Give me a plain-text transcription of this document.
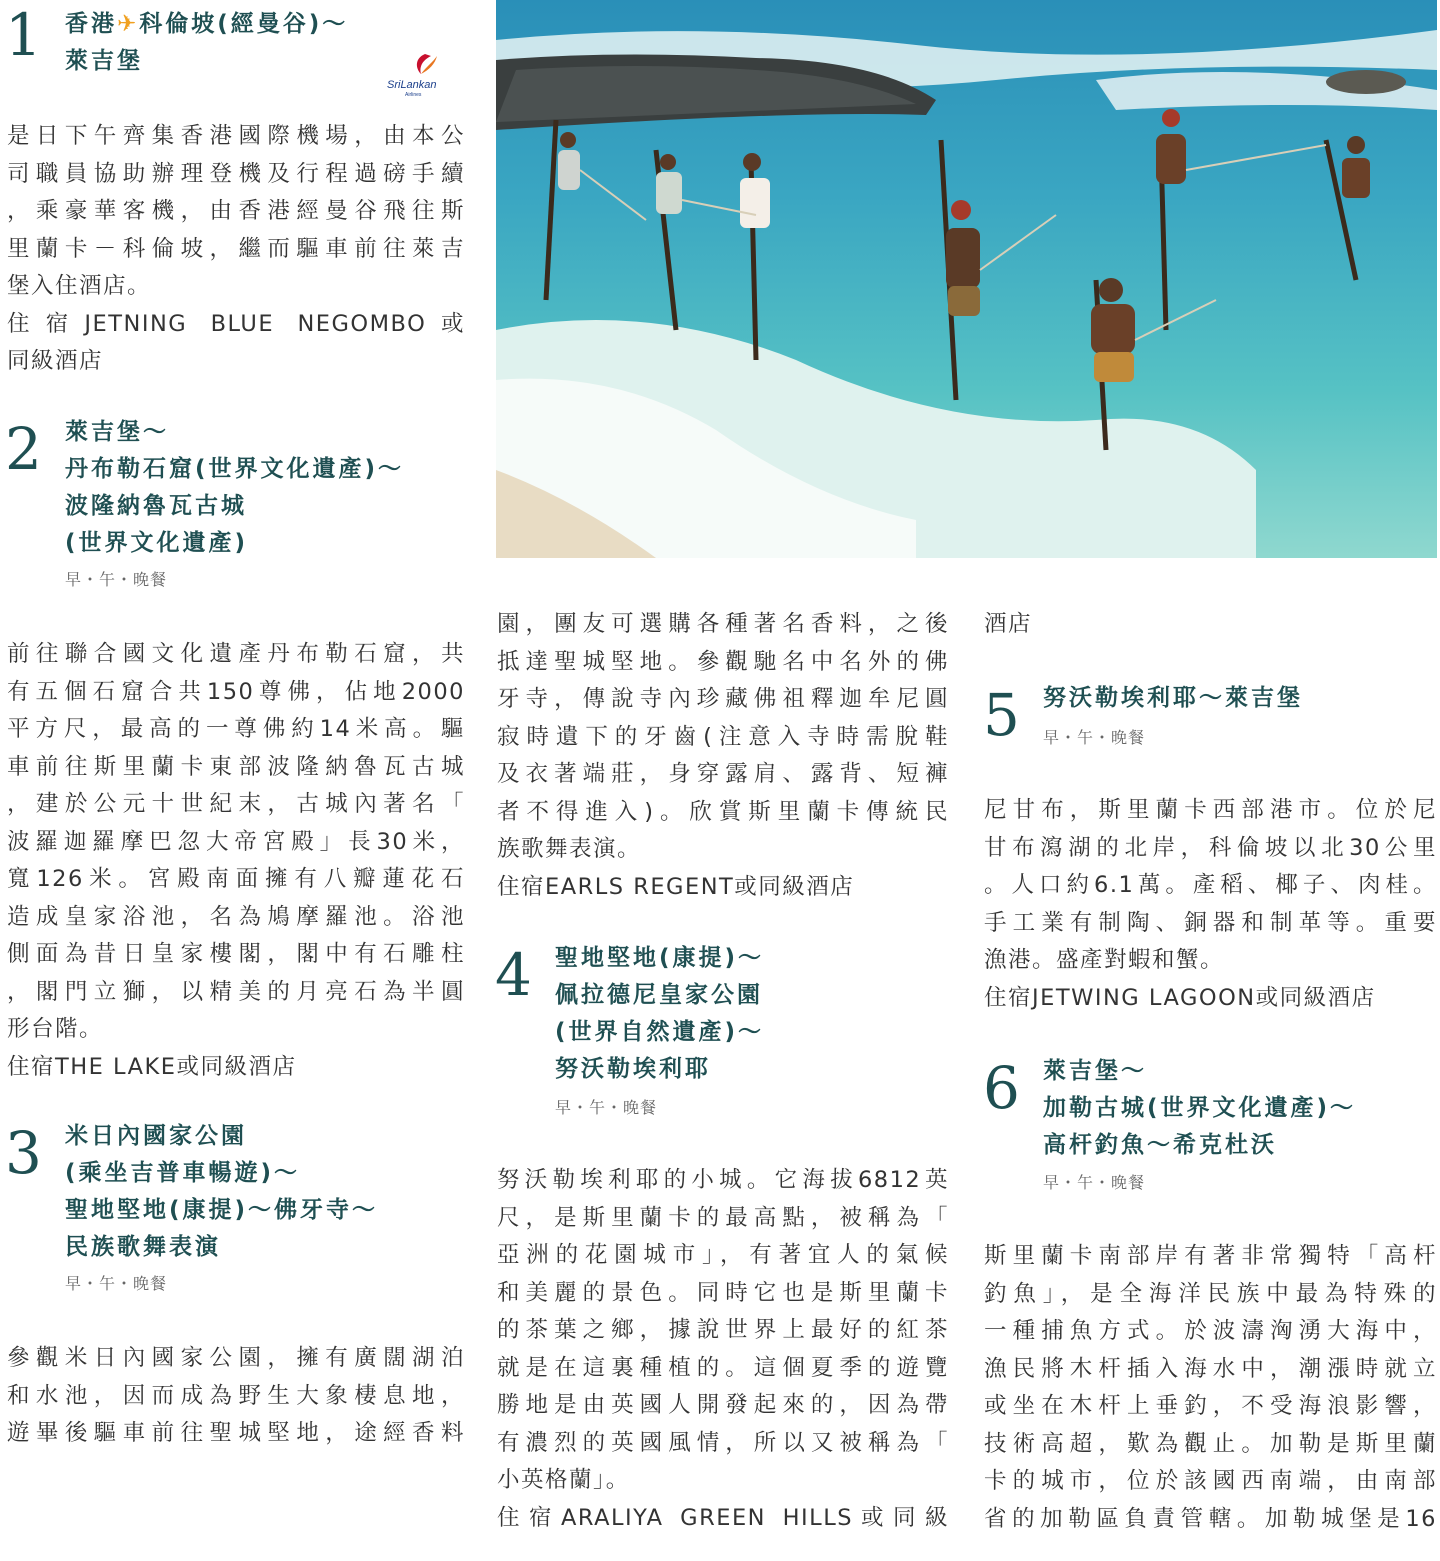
1 香港✈科倫坡(經曼谷)～
萊吉堡
SriLankan
Airlines
是日下午齊集香港國際機場，由本公
司職員協助辦理登機及行程過磅手續
，乘豪華客機，由香港經曼谷飛往斯
里蘭卡－科倫坡，繼而驅車前往萊吉
堡入住酒店。
住宿JETNING BLUE NEGOMBO或
同級酒店
2 萊吉堡～
丹布勒石窟(世界文化遺產)～
波隆納魯瓦古城
(世界文化遺產)
早・午・晚餐
前往聯合國文化遺產丹布勒石窟，共
有五個石窟合共150尊佛，佔地2000
平方尺，最高的一尊佛約14米高。驅
車前往斯里蘭卡東部波隆納魯瓦古城
，建於公元十世紀末，古城內著名「
波羅迦羅摩巴忽大帝宮殿」長30米，
寬126米。宮殿南面擁有八瓣蓮花石
造成皇家浴池，名為鳩摩羅池。浴池
側面為昔日皇家樓閣，閣中有石雕柱
，閣門立獅，以精美的月亮石為半圓
形台階。
住宿THE LAKE或同級酒店
3 米日內國家公園
(乘坐吉普車暢遊)～
聖地堅地(康提)～佛牙寺～
民族歌舞表演
早・午・晚餐
參觀米日內國家公園，擁有廣闊湖泊
和水池，因而成為野生大象棲息地，
遊畢後驅車前往聖城堅地，途經香料
園，團友可選購各種著名香料，之後
抵達聖城堅地。參觀馳名中名外的佛
牙寺，傳說寺內珍藏佛祖釋迦牟尼圓
寂時遺下的牙齒(注意入寺時需脫鞋
及衣著端莊，身穿露肩、露背、短褲
者不得進入)。欣賞斯里蘭卡傳統民
族歌舞表演。
住宿EARLS REGENT或同級酒店
4 聖地堅地(康提)～
佩拉德尼皇家公園
(世界自然遺產)～
努沃勒埃利耶
早・午・晚餐
努沃勒埃利耶的小城。它海拔6812英
尺，是斯里蘭卡的最高點，被稱為「
亞洲的花園城市」，有著宜人的氣候
和美麗的景色。同時它也是斯里蘭卡
的茶葉之鄉，據說世界上最好的紅茶
就是在這裏種植的。這個夏季的遊覽
勝地是由英國人開發起來的，因為帶
有濃烈的英國風情，所以又被稱為「
小英格蘭」。
住宿ARALIYA GREEN HILLS或同級
酒店
5 努沃勒埃利耶～萊吉堡
早・午・晚餐
尼甘布，斯里蘭卡西部港市。位於尼
甘布瀉湖的北岸，科倫坡以北30公里
。人口約6.1萬。產稻、椰子、肉桂。
手工業有制陶、銅器和制革等。重要
漁港。盛產對蝦和蟹。
住宿JETWING LAGOON或同級酒店
6 萊吉堡～
加勒古城(世界文化遺產)～
高杆釣魚～希克杜沃
早・午・晚餐
斯里蘭卡南部岸有著非常獨特「高杆
釣魚」，是全海洋民族中最為特殊的
一種捕魚方式。於波濤洶湧大海中，
漁民將木杆插入海水中，潮漲時就立
或坐在木杆上垂釣，不受海浪影響，
技術高超，歎為觀止。加勒是斯里蘭
卡的城市，位於該國西南端，由南部
省的加勒區負責管轄。加勒城堡是16
